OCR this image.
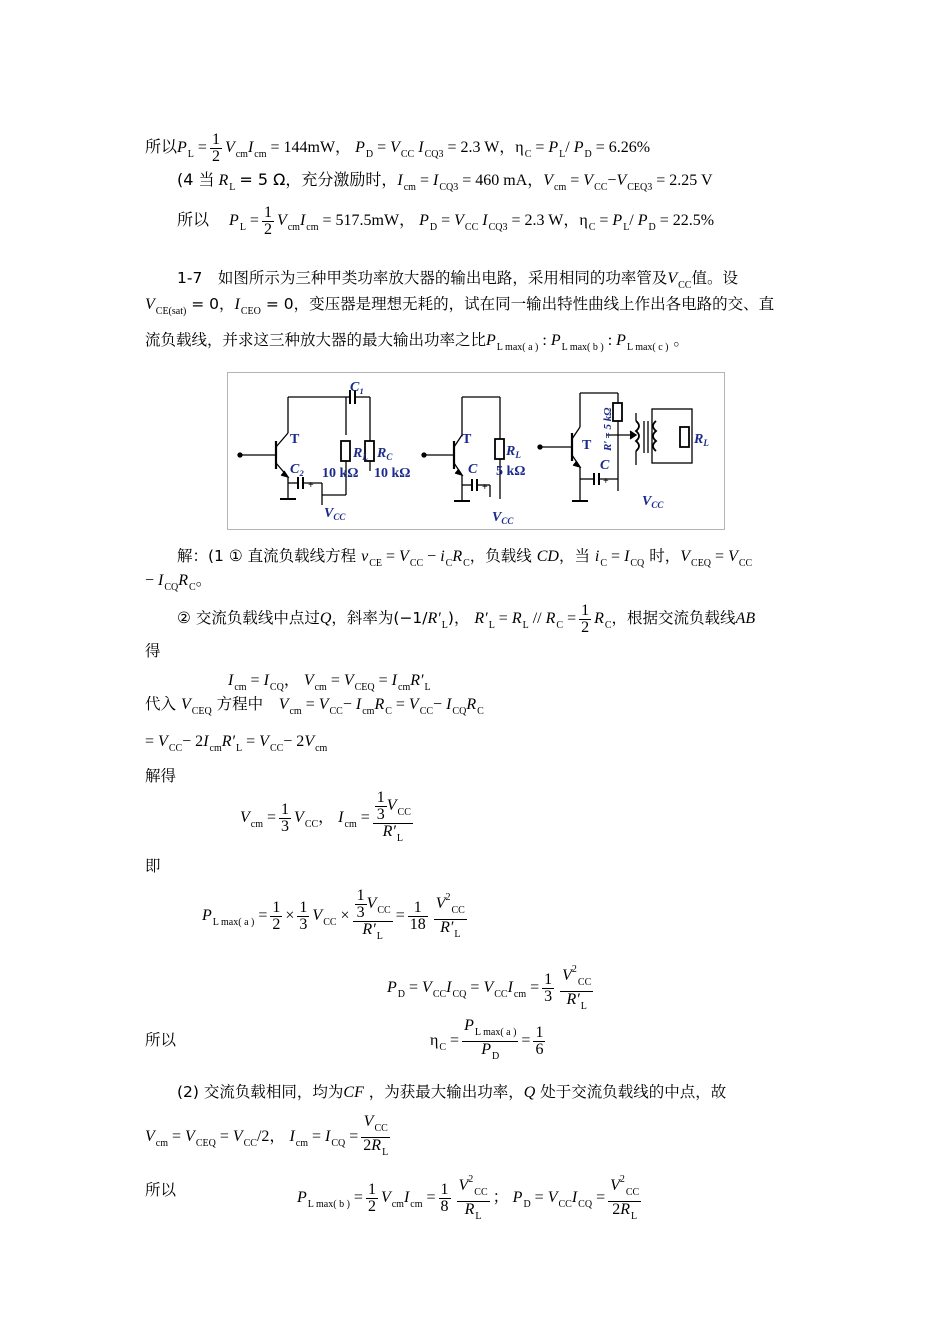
所以$P_L = \frac{1}{2} V_{cm}I_{cm} = 144mW$， $P_D = V_{CC}$ $I_{CQ3} = 2.3$ W，$\eta_C = P_L/$ $P_D = 6.26\%$
(4 当 $R_L = 5$ Ω，充分激励时，$I_{cm} = I_{CQ3} = 460$ mA，$V_{cm} = V_{CC}-V_{CEQ3} = 2.25$ V
所以　 $P_L = \frac{1}{2} V_{cm}I_{cm} = 517.5mW$， $P_D = V_{CC}$ $I_{CQ3} = 2.3$ W，$\eta_C = P_L/$ $P_D = 22.5\%$
1-7　如图所示为三种甲类功率放大器的输出电路，采用相同的功率管及$V_{CC}$值。设
$V_{CE(sat)} = 0$，$I_{CEO} = 0$，变压器是理想无耗的，试在同一输出特性曲线上作出各电路的交、直
流负载线，并求这三种放大器的最大输出功率之比$P_{L max( a )}$ : $P_{L max( b )}$ : $P_{L max( c )}$ 。
C₁
T
$R_L$ $R_C$
C₂ 10 kΩ 10 kΩ
+
$V_{CC}$
T
$R_L$
C 5 kΩ
+
$V_{CC}$
T R′= 5 kΩ
C
+
$V_{CC}$
$R_L$
解：(1 ① 直流负载线方程 $v_{CE} = V_{CC} - i_CR_C$，负载线 CD，当 $i_C = I_{CQ}$ 时，$V_{CEQ} = V_{CC}$
− $I_{CQ}R_C$。
② 交流负载线中点过Q，斜率为$(-1/R'_L)$， $R'_L = R_L // R_C = \frac{1}{2} R_C$，根据交流负载线AB
得
$I_{cm} = I_{CQ}$， $V_{cm} = V_{CEQ} = I_{cm}R'_L$
代入 $V_{CEQ}$ 方程中　 $V_{cm} = V_{CC}- I_{cm}R_C = V_{CC}- I_{CQ}R_C$
= $V_{CC}- 2I_{cm}R'_L = V_{CC}- 2V_{cm}$
解得
$V_{cm} = \frac{1}{3} V_{CC}$， $I_{cm} = \frac{\frac{1}{3} V_{CC}}{R'_L}$
即
$P_{L max( a )} = \frac{1}{2} \times \frac{1}{3} V_{CC} \times \frac{\frac{1}{3} V_{CC}}{R'_L} = \frac{1}{18} \frac{V^2_{CC}}{R'_L}$
$P_D = V_{CC}I_{CQ} = V_{CC}I_{cm} = \frac{1}{3} \frac{V^2_{CC}}{R'_L}$
所以	$\eta_C = \frac{P_{L max( a )}}{P_D} = \frac{1}{6}$
(2) 交流负载相同，均为CF ，为获最大输出功率，Q 处于交流负载线的中点，故
$V_{cm} = V_{CEQ} = V_{CC}/2$， $I_{cm} = I_{CQ} = \frac{V_{CC}}{2R_L}$
所以	$P_{L max( b )} = \frac{1}{2} V_{cm}I_{cm} = \frac{1}{8} \frac{V^2_{CC}}{R_L}$ ； $P_D = V_{CC}I_{CQ} = \frac{V^2_{CC}}{2R_L}$
